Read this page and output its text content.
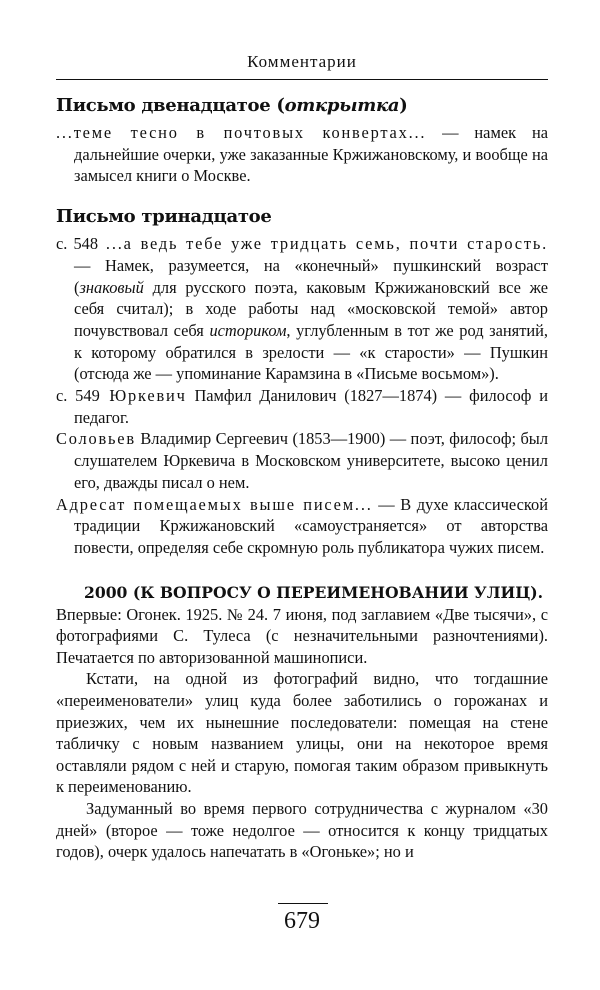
Комментарии
Письмо двенадцатое (открытка)
...теме тесно в почтовых конвертах... — намек на дальнейшие очерки, уже заказанные Кржижановскому, и вообще на замысел книги о Москве.
Письмо тринадцатое
с. 548 ...а ведь тебе уже тридцать семь, почти старость. — Намек, разумеется, на «конечный» пушкинский возраст (знаковый для русского поэта, каковым Кржижановский все же себя считал); в ходе работы над «московской темой» автор почувствовал себя историком, углубленным в тот же род занятий, к которому обратился в зрелости — «к старости» — Пушкин (отсюда же — упоминание Карамзина в «Письме восьмом»).
с. 549 Юркевич Памфил Данилович (1827—1874) — философ и педагог.
Соловьев Владимир Сергеевич (1853—1900) — поэт, философ; был слушателем Юркевича в Московском университете, высоко ценил его, дважды писал о нем.
Адресат помещаемых выше писем... — В духе классической традиции Кржижановский «самоустраняется» от авторства повести, определяя себе скромную роль публикатора чужих писем.
2000 (К ВОПРОСУ О ПЕРЕИМЕНОВАНИИ УЛИЦ).
Впервые: Огонек. 1925. № 24. 7 июня, под заглавием «Две тысячи», с фотографиями С. Тулеса (с незначительными разночтениями). Печатается по авторизованной машинописи.
Кстати, на одной из фотографий видно, что тогдашние «переименователи» улиц куда более заботились о горожанах и приезжих, чем их нынешние последователи: помещая на стене табличку с новым названием улицы, они на некоторое время оставляли рядом с ней и старую, помогая таким образом привыкнуть к переименованию.
Задуманный во время первого сотрудничества с журналом «30 дней» (второе — тоже недолгое — относится к концу тридцатых годов), очерк удалось напечатать в «Огоньке»; но и
679
